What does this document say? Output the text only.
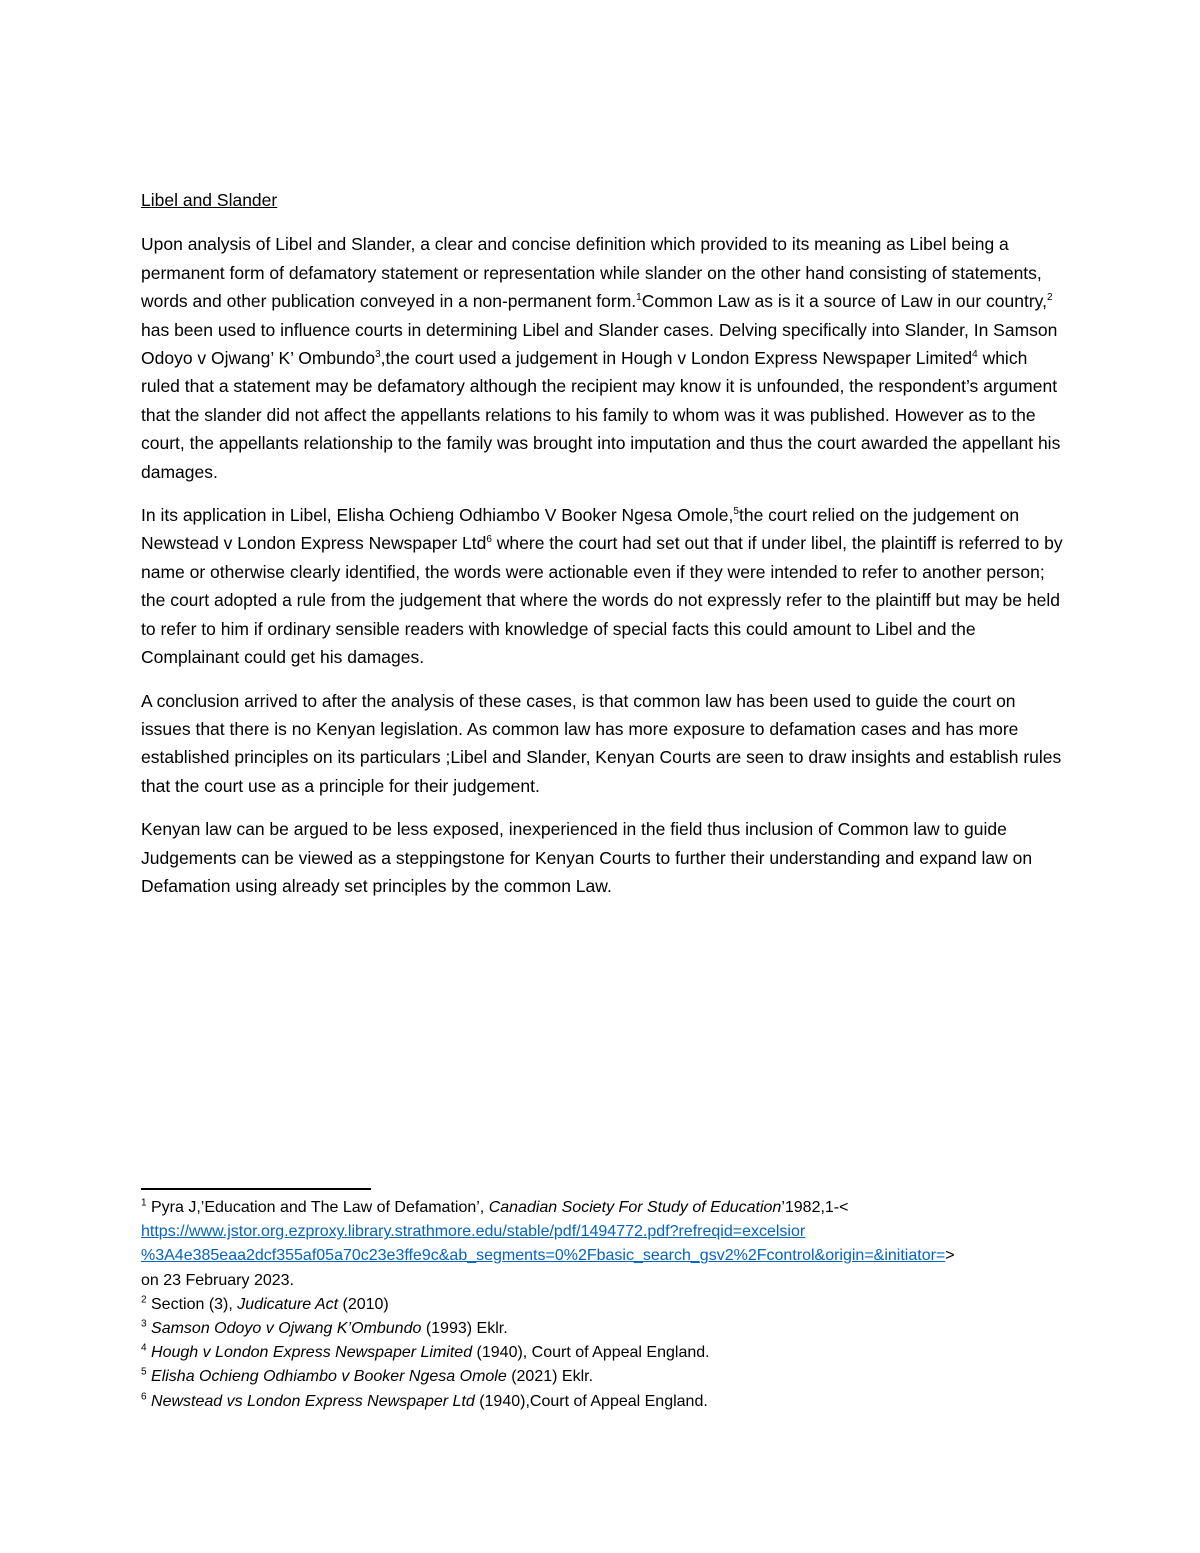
Libel and Slander

Upon analysis of Libel and Slander, a clear and concise definition which provided to its meaning as Libel being a permanent form of defamatory statement or representation while slander on the other hand consisting of statements, words and other publication conveyed in a non-permanent form.$^1$Common Law as is it a source of Law in our country,$^2$ has been used to influence courts in determining Libel and Slander cases. Delving specifically into Slander, In Samson Odoyo v Ojwang’ K’ Ombundo$^3$,the court used a judgement in Hough v London Express Newspaper Limited$^4$ which ruled that a statement may be defamatory although the recipient may know it is unfounded, the respondent’s argument that the slander did not affect the appellants relations to his family to whom was it was published. However as to the court, the appellants relationship to the family was brought into imputation and thus the court awarded the appellant his damages.

In its application in Libel, Elisha Ochieng Odhiambo V Booker Ngesa Omole,$^5$the court relied on the judgement on Newstead v London Express Newspaper Ltd$^6$ where the court had set out that if under libel, the plaintiff is referred to by name or otherwise clearly identified, the words were actionable even if they were intended to refer to another person; the court adopted a rule from the judgement that where the words do not expressly refer to the plaintiff but may be held to refer to him if ordinary sensible readers with knowledge of special facts this could amount to Libel and the Complainant could get his damages.

A conclusion arrived to after the analysis of these cases, is that common law has been used to guide the court on issues that there is no Kenyan legislation. As common law has more exposure to defamation cases and has more established principles on its particulars ;Libel and Slander, Kenyan Courts are seen to draw insights and establish rules that the court use as a principle for their judgement.

Kenyan law can be argued to be less exposed, inexperienced in the field thus inclusion of Common law to guide Judgements can be viewed as a steppingstone for Kenyan Courts to further their understanding and expand law on Defamation using already set principles by the common Law.

$^1$ Pyra J,’Education and The Law of Defamation’, Canadian Society For Study of Education’1982,1-<
https://www.jstor.org.ezproxy.library.strathmore.edu/stable/pdf/1494772.pdf?refreqid=excelsior
%3A4e385eaa2dcf355af05a70c23e3ffe9c&ab_segments=0%2Fbasic_search_gsv2%2Fcontrol&origin=&initiator=>
on 23 February 2023.
$^2$ Section (3), Judicature Act (2010)
$^3$ Samson Odoyo v Ojwang K’Ombundo (1993) Eklr.
$^4$ Hough v London Express Newspaper Limited (1940), Court of Appeal England.
$^5$ Elisha Ochieng Odhiambo v Booker Ngesa Omole (2021) Eklr.
$^6$ Newstead vs London Express Newspaper Ltd (1940),Court of Appeal England.
